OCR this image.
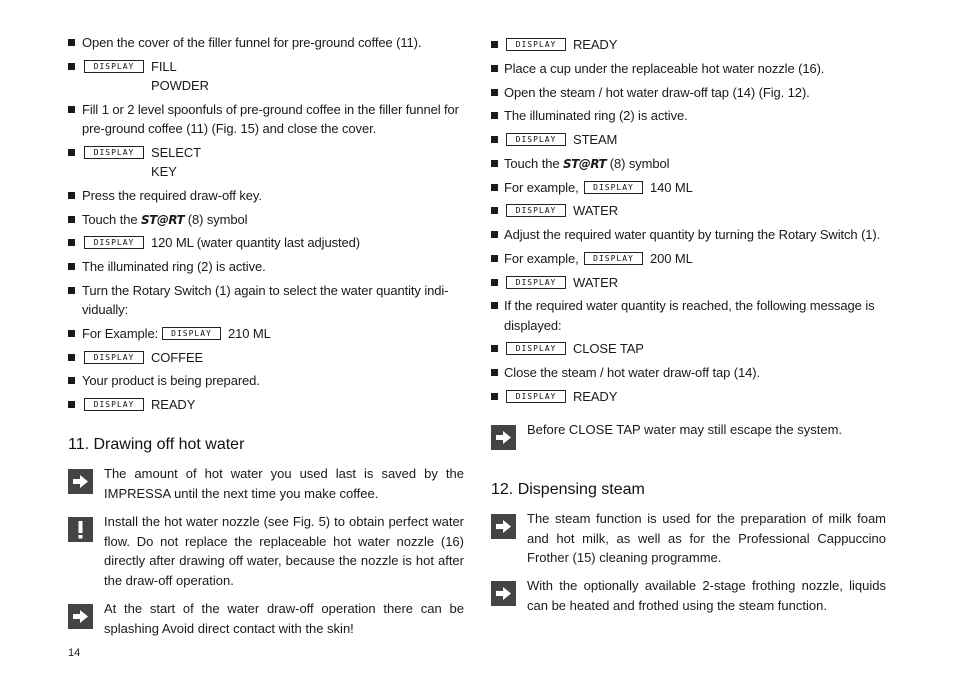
Open the cover of the filler funnel for pre-ground coffee (11).
DISPLAY	FILL
POWDER
Fill 1 or 2 level spoonfuls of pre-ground coffee in the filler funnel for
pre-ground coffee (11) (Fig. 15) and close the cover.
DISPLAY	SELECT
KEY
Press the required draw-off key.
Touch the ST@RT (8) symbol
DISPLAY	120 ML (water quantity last adjusted)
The illuminated ring (2) is active.
Turn the Rotary Switch (1) again to select the water quantity indi-
vidually:
For Example:	DISPLAY	210 ML
DISPLAY	COFFEE
Your product is being prepared.
DISPLAY	READY
11. Drawing off hot water
The amount of hot water you used last is saved by the IMPRESSA until the next time you make coffee.
Install the hot water nozzle (see Fig. 5) to obtain perfect water flow. Do not replace the replaceable hot water nozzle (16) directly after drawing off water, because the nozzle is hot after the draw-off operation.
At the start of the water draw-off operation there can be splashing Avoid direct contact with the skin!
14
DISPLAY	READY
Place a cup under the replaceable hot water nozzle (16).
Open the steam / hot water draw-off tap (14) (Fig. 12).
The illuminated ring (2) is active.
DISPLAY	STEAM
Touch the ST@RT (8) symbol
For example,	DISPLAY	140 ML
DISPLAY	WATER
Adjust the required water quantity by turning the Rotary Switch (1).
For example,	DISPLAY	200 ML
DISPLAY	WATER
If the required water quantity is reached, the following message is
displayed:
DISPLAY	CLOSE TAP
Close the steam / hot water draw-off tap (14).
DISPLAY	READY
Before CLOSE TAP water may still escape the system.
12. Dispensing steam
The steam function is used for the preparation of milk foam and hot milk, as well as for the Professional Cappuccino Frother (15) cleaning programme.
With the optionally available 2-stage frothing nozzle, liquids can be heated and frothed using the steam function.
